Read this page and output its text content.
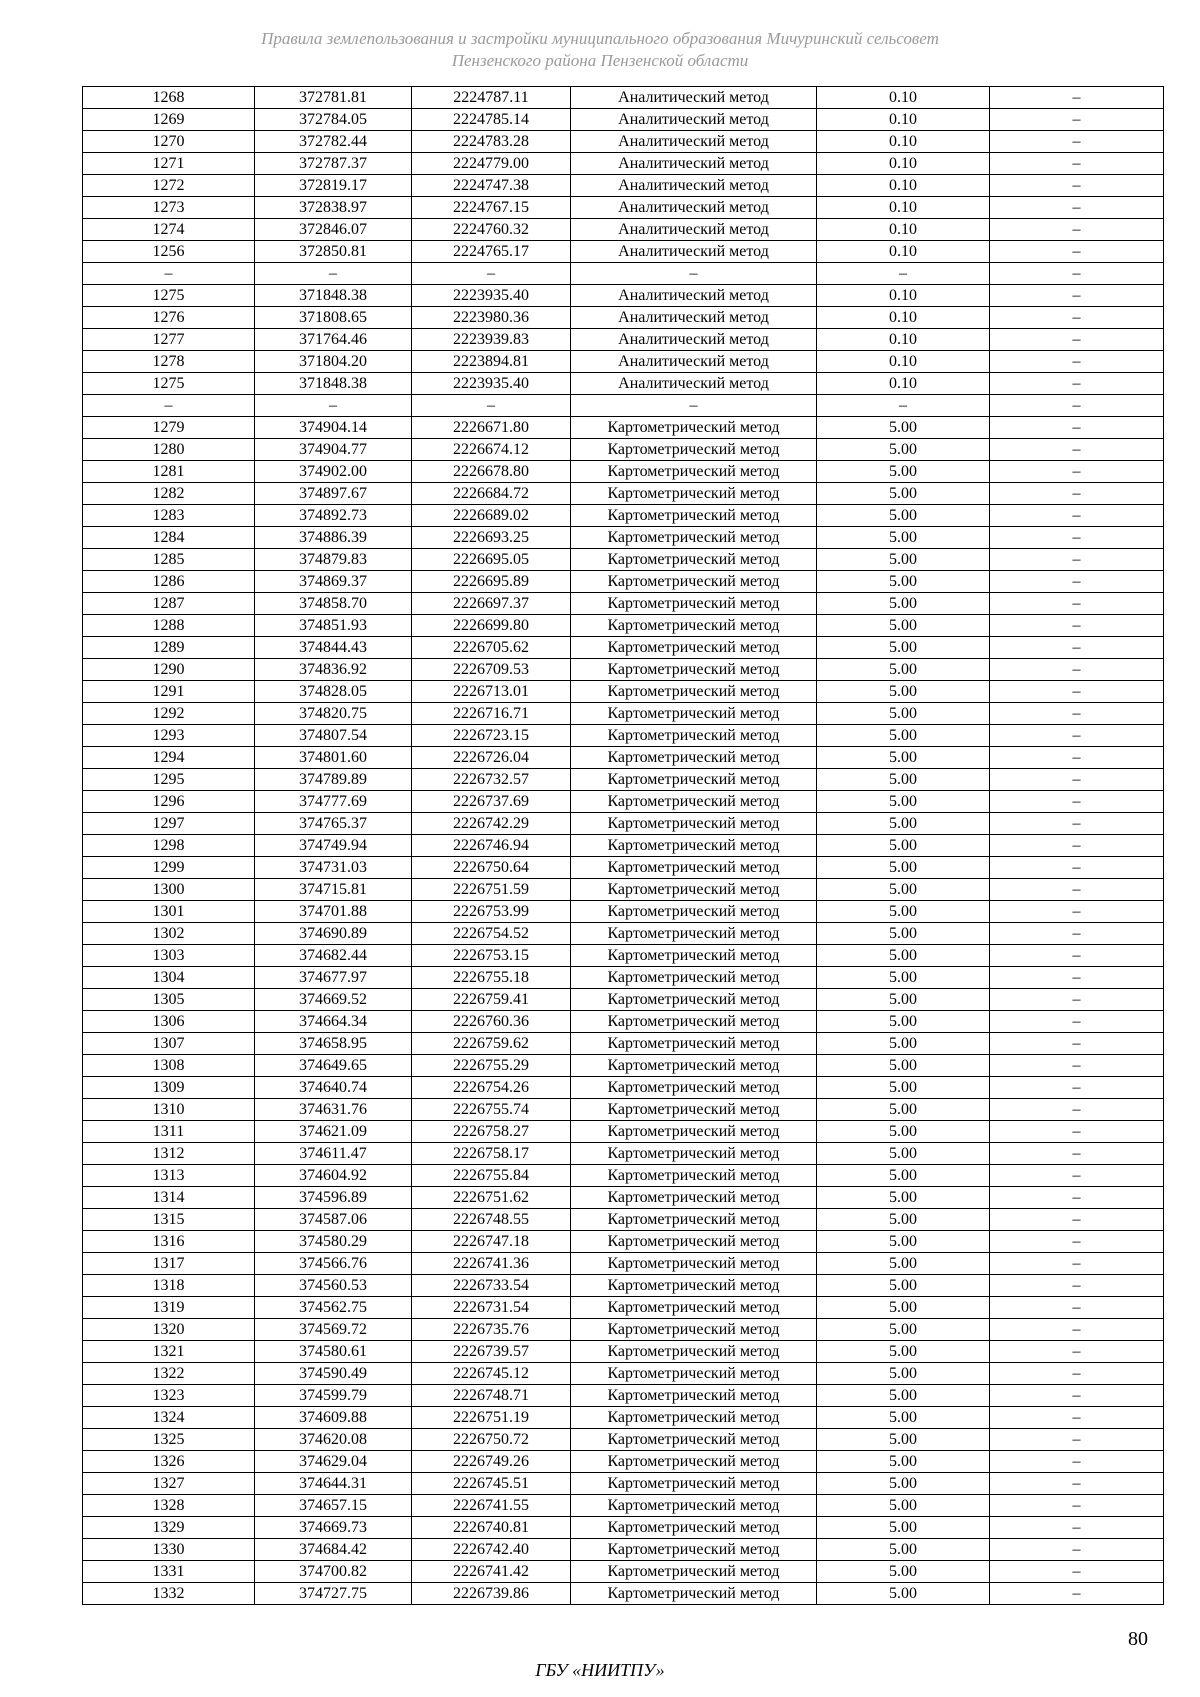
Правила землепользования и застройки муниципального образования Мичуринский сельсовет
Пензенского района Пензенской области
1268	372781.81	2224787.11	Аналитический метод	0.10	–
1269	372784.05	2224785.14	Аналитический метод	0.10	–
1270	372782.44	2224783.28	Аналитический метод	0.10	–
1271	372787.37	2224779.00	Аналитический метод	0.10	–
1272	372819.17	2224747.38	Аналитический метод	0.10	–
1273	372838.97	2224767.15	Аналитический метод	0.10	–
1274	372846.07	2224760.32	Аналитический метод	0.10	–
1256	372850.81	2224765.17	Аналитический метод	0.10	–
–	–	–	–	–	–
1275	371848.38	2223935.40	Аналитический метод	0.10	–
1276	371808.65	2223980.36	Аналитический метод	0.10	–
1277	371764.46	2223939.83	Аналитический метод	0.10	–
1278	371804.20	2223894.81	Аналитический метод	0.10	–
1275	371848.38	2223935.40	Аналитический метод	0.10	–
–	–	–	–	–	–
1279	374904.14	2226671.80	Картометрический метод	5.00	–
1280	374904.77	2226674.12	Картометрический метод	5.00	–
1281	374902.00	2226678.80	Картометрический метод	5.00	–
1282	374897.67	2226684.72	Картометрический метод	5.00	–
1283	374892.73	2226689.02	Картометрический метод	5.00	–
1284	374886.39	2226693.25	Картометрический метод	5.00	–
1285	374879.83	2226695.05	Картометрический метод	5.00	–
1286	374869.37	2226695.89	Картометрический метод	5.00	–
1287	374858.70	2226697.37	Картометрический метод	5.00	–
1288	374851.93	2226699.80	Картометрический метод	5.00	–
1289	374844.43	2226705.62	Картометрический метод	5.00	–
1290	374836.92	2226709.53	Картометрический метод	5.00	–
1291	374828.05	2226713.01	Картометрический метод	5.00	–
1292	374820.75	2226716.71	Картометрический метод	5.00	–
1293	374807.54	2226723.15	Картометрический метод	5.00	–
1294	374801.60	2226726.04	Картометрический метод	5.00	–
1295	374789.89	2226732.57	Картометрический метод	5.00	–
1296	374777.69	2226737.69	Картометрический метод	5.00	–
1297	374765.37	2226742.29	Картометрический метод	5.00	–
1298	374749.94	2226746.94	Картометрический метод	5.00	–
1299	374731.03	2226750.64	Картометрический метод	5.00	–
1300	374715.81	2226751.59	Картометрический метод	5.00	–
1301	374701.88	2226753.99	Картометрический метод	5.00	–
1302	374690.89	2226754.52	Картометрический метод	5.00	–
1303	374682.44	2226753.15	Картометрический метод	5.00	–
1304	374677.97	2226755.18	Картометрический метод	5.00	–
1305	374669.52	2226759.41	Картометрический метод	5.00	–
1306	374664.34	2226760.36	Картометрический метод	5.00	–
1307	374658.95	2226759.62	Картометрический метод	5.00	–
1308	374649.65	2226755.29	Картометрический метод	5.00	–
1309	374640.74	2226754.26	Картометрический метод	5.00	–
1310	374631.76	2226755.74	Картометрический метод	5.00	–
1311	374621.09	2226758.27	Картометрический метод	5.00	–
1312	374611.47	2226758.17	Картометрический метод	5.00	–
1313	374604.92	2226755.84	Картометрический метод	5.00	–
1314	374596.89	2226751.62	Картометрический метод	5.00	–
1315	374587.06	2226748.55	Картометрический метод	5.00	–
1316	374580.29	2226747.18	Картометрический метод	5.00	–
1317	374566.76	2226741.36	Картометрический метод	5.00	–
1318	374560.53	2226733.54	Картометрический метод	5.00	–
1319	374562.75	2226731.54	Картометрический метод	5.00	–
1320	374569.72	2226735.76	Картометрический метод	5.00	–
1321	374580.61	2226739.57	Картометрический метод	5.00	–
1322	374590.49	2226745.12	Картометрический метод	5.00	–
1323	374599.79	2226748.71	Картометрический метод	5.00	–
1324	374609.88	2226751.19	Картометрический метод	5.00	–
1325	374620.08	2226750.72	Картометрический метод	5.00	–
1326	374629.04	2226749.26	Картометрический метод	5.00	–
1327	374644.31	2226745.51	Картометрический метод	5.00	–
1328	374657.15	2226741.55	Картометрический метод	5.00	–
1329	374669.73	2226740.81	Картометрический метод	5.00	–
1330	374684.42	2226742.40	Картометрический метод	5.00	–
1331	374700.82	2226741.42	Картометрический метод	5.00	–
1332	374727.75	2226739.86	Картометрический метод	5.00	–
80
ГБУ «НИИТПУ»
